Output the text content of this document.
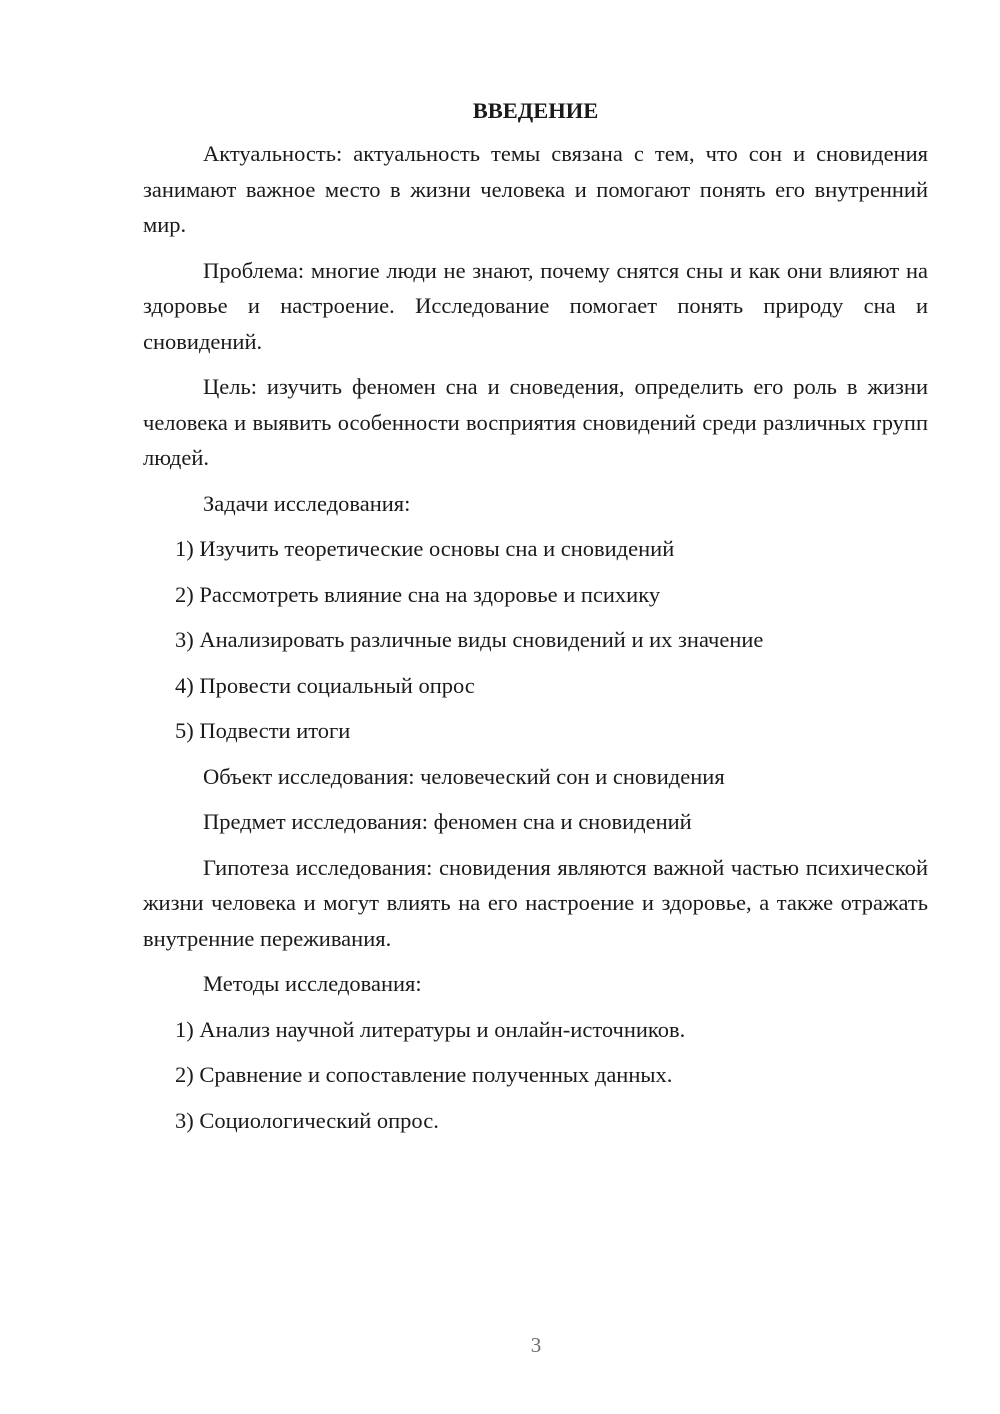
ВВЕДЕНИЕ

Актуальность: актуальность темы связана с тем, что сон и сновидения занимают важное место в жизни человека и помогают понять его внутренний мир.

Проблема: многие люди не знают, почему снятся сны и как они влияют на здоровье и настроение. Исследование помогает понять природу сна и сновидений.

Цель: изучить феномен сна и сноведения, определить его роль в жизни человека и выявить особенности восприятия сновидений среди различных групп людей.

Задачи исследования:
1) Изучить теоретические основы сна и сновидений
2) Рассмотреть влияние сна на здоровье и психику
3) Анализировать различные виды сновидений и их значение
4) Провести социальный опрос
5) Подвести итоги
Объект исследования: человеческий сон и сновидения
Предмет исследования: феномен сна и сновидений

Гипотеза исследования: сновидения являются важной частью психической жизни человека и могут влиять на его настроение и здоровье, а также отражать внутренние переживания.

Методы исследования:
1) Анализ научной литературы и онлайн-источников.
2) Сравнение и сопоставление полученных данных.
3) Социологический опрос.
3
